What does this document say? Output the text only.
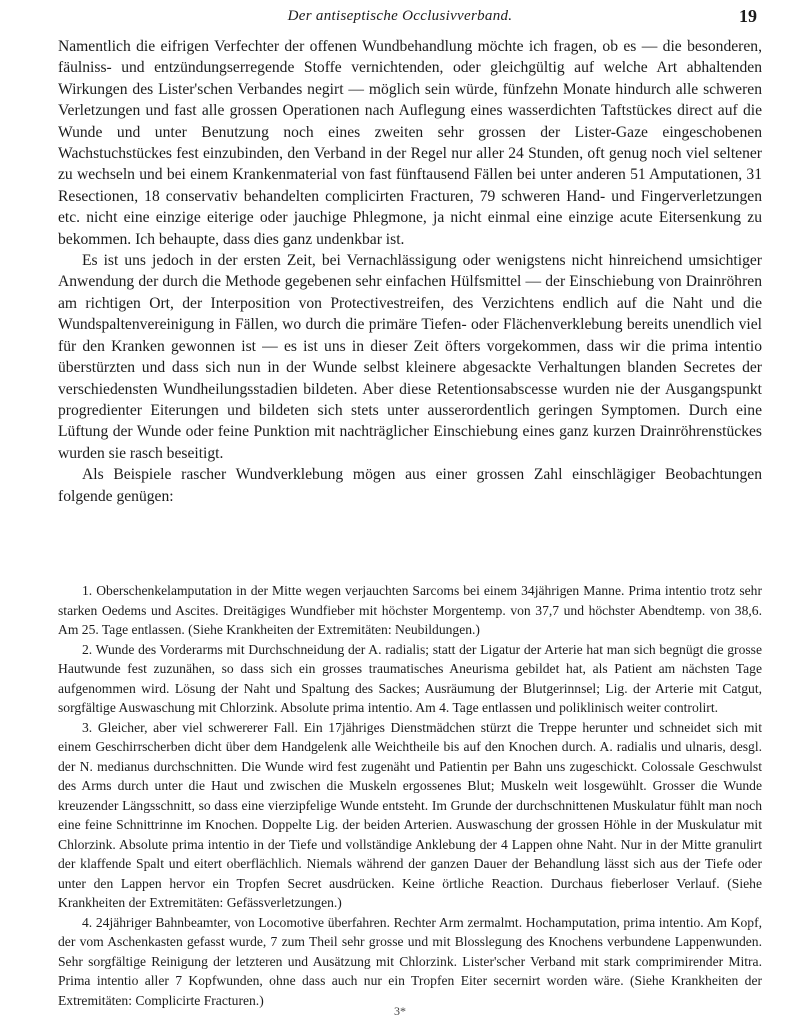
Der antiseptische Occlusivverband.	19

Namentlich die eifrigen Verfechter der offenen Wundbehandlung möchte ich fragen, ob es — die besonderen, fäulniss- und entzündungserregende Stoffe vernichtenden, oder gleichgültig auf welche Art abhaltenden Wirkungen des Lister'schen Verbandes negirt — möglich sein würde, fünfzehn Monate hindurch alle schweren Verletzungen und fast alle grossen Operationen nach Auflegung eines wasserdichten Taftstückes direct auf die Wunde und unter Benutzung noch eines zweiten sehr grossen der Lister-Gaze eingeschobenen Wachstuchstückes fest einzubinden, den Verband in der Regel nur aller 24 Stunden, oft genug noch viel seltener zu wechseln und bei einem Krankenmaterial von fast fünftausend Fällen bei unter anderen 51 Amputationen, 31 Resectionen, 18 conservativ behandelten complicirten Fracturen, 79 schweren Hand- und Fingerverletzungen etc. nicht eine einzige eiterige oder jauchige Phlegmone, ja nicht einmal eine einzige acute Eitersenkung zu bekommen. Ich behaupte, dass dies ganz undenkbar ist.

Es ist uns jedoch in der ersten Zeit, bei Vernachlässigung oder wenigstens nicht hinreichend umsichtiger Anwendung der durch die Methode gegebenen sehr einfachen Hülfsmittel — der Einschiebung von Drainröhren am richtigen Ort, der Interposition von Protectivestreifen, des Verzichtens endlich auf die Naht und die Wundspaltenvereinigung in Fällen, wo durch die primäre Tiefen- oder Flächenverklebung bereits unendlich viel für den Kranken gewonnen ist — es ist uns in dieser Zeit öfters vorgekommen, dass wir die prima intentio überstürzten und dass sich nun in der Wunde selbst kleinere abgesackte Verhaltungen blanden Secretes der verschiedensten Wundheilungsstadien bildeten. Aber diese Retentionsabscesse wurden nie der Ausgangspunkt progredienter Eiterungen und bildeten sich stets unter ausserordentlich geringen Symptomen. Durch eine Lüftung der Wunde oder feine Punktion mit nachträglicher Einschiebung eines ganz kurzen Drainröhrenstückes wurden sie rasch beseitigt.

Als Beispiele rascher Wundverklebung mögen aus einer grossen Zahl einschlägiger Beobachtungen folgende genügen:

1. Oberschenkelamputation in der Mitte wegen verjauchten Sarcoms bei einem 34jährigen Manne. Prima intentio trotz sehr starken Oedems und Ascites. Dreitägiges Wundfieber mit höchster Morgentemp. von 37,7 und höchster Abendtemp. von 38,6. Am 25. Tage entlassen. (Siehe Krankheiten der Extremitäten: Neubildungen.)

2. Wunde des Vorderarms mit Durchschneidung der A. radialis; statt der Ligatur der Arterie hat man sich begnügt die grosse Hautwunde fest zuzunähen, so dass sich ein grosses traumatisches Aneurisma gebildet hat, als Patient am nächsten Tage aufgenommen wird. Lösung der Naht und Spaltung des Sackes; Ausräumung der Blutgerinnsel; Lig. der Arterie mit Catgut, sorgfältige Auswaschung mit Chlorzink. Absolute prima intentio. Am 4. Tage entlassen und poliklinisch weiter controlirt.

3. Gleicher, aber viel schwererer Fall. Ein 17jähriges Dienstmädchen stürzt die Treppe herunter und schneidet sich mit einem Geschirrscherben dicht über dem Handgelenk alle Weichtheile bis auf den Knochen durch. A. radialis und ulnaris, desgl. der N. medianus durchschnitten. Die Wunde wird fest zugenäht und Patientin per Bahn uns zugeschickt. Colossale Geschwulst des Arms durch unter die Haut und zwischen die Muskeln ergossenes Blut; Muskeln weit losgewühlt. Grosser die Wunde kreuzender Längsschnitt, so dass eine vierzipfelige Wunde entsteht. Im Grunde der durchschnittenen Muskulatur fühlt man noch eine feine Schnittrinne im Knochen. Doppelte Lig. der beiden Arterien. Auswaschung der grossen Höhle in der Muskulatur mit Chlorzink. Absolute prima intentio in der Tiefe und vollständige Anklebung der 4 Lappen ohne Naht. Nur in der Mitte granulirt der klaffende Spalt und eitert oberflächlich. Niemals während der ganzen Dauer der Behandlung lässt sich aus der Tiefe oder unter den Lappen hervor ein Tropfen Secret ausdrücken. Keine örtliche Reaction. Durchaus fieberloser Verlauf. (Siehe Krankheiten der Extremitäten: Gefässverletzungen.)

4. 24jähriger Bahnbeamter, von Locomotive überfahren. Rechter Arm zermalmt. Hochamputation, prima intentio. Am Kopf, der vom Aschenkasten gefasst wurde, 7 zum Theil sehr grosse und mit Blosslegung des Knochens verbundene Lappenwunden. Sehr sorgfältige Reinigung der letzteren und Ausätzung mit Chlorzink. Lister'scher Verband mit stark comprimirender Mitra. Prima intentio aller 7 Kopfwunden, ohne dass auch nur ein Tropfen Eiter secernirt worden wäre. (Siehe Krankheiten der Extremitäten: Complicirte Fracturen.)

3*
